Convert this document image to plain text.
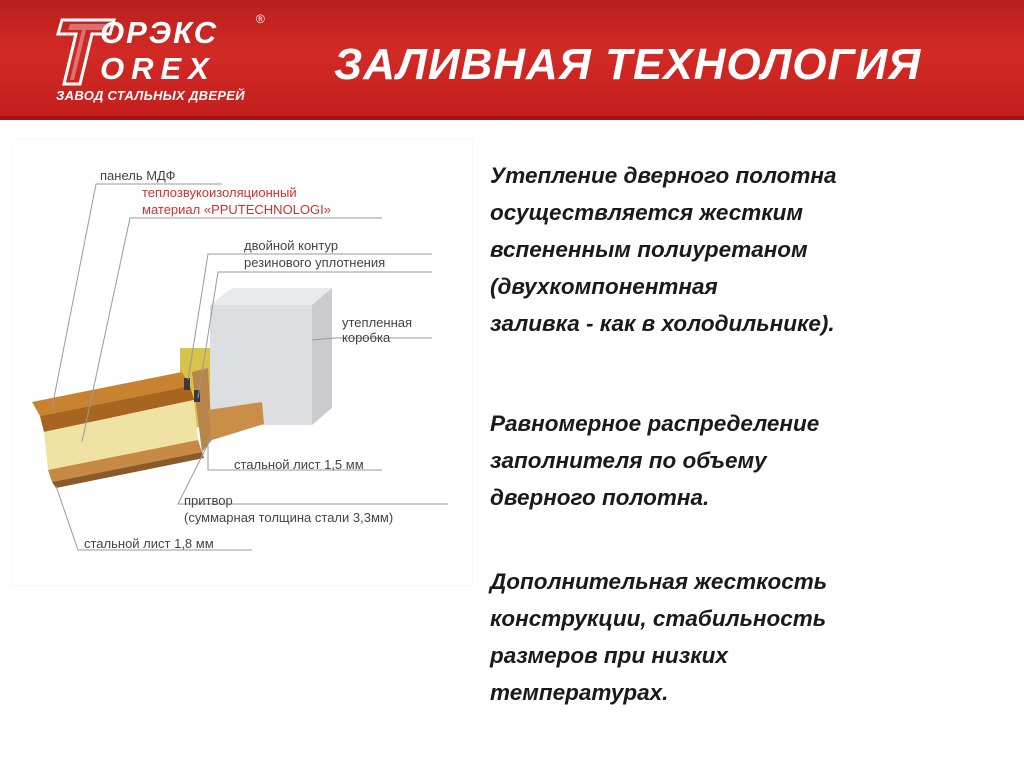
ОРЭКС	®
OREX
ЗАВОД СТАЛЬНЫХ ДВЕРЕЙ
ЗАЛИВНАЯ ТЕХНОЛОГИЯ
панель МДФ
теплозвукоизоляционный
материал «PPUTECHNOLOGI»
двойной контур
резинового уплотнения
утепленная
коробка
стальной лист 1,5 мм
притвор
(суммарная толщина стали 3,3мм)
стальной лист 1,8 мм
Утепление дверного полотна
осуществляется жестким
вспененным полиуретаном
(двухкомпонентная
заливка - как в холодильнике).
Равномерное распределение
заполнителя по объему
дверного полотна.
Дополнительная жесткость
конструкции, стабильность
размеров при низких
температурах.
